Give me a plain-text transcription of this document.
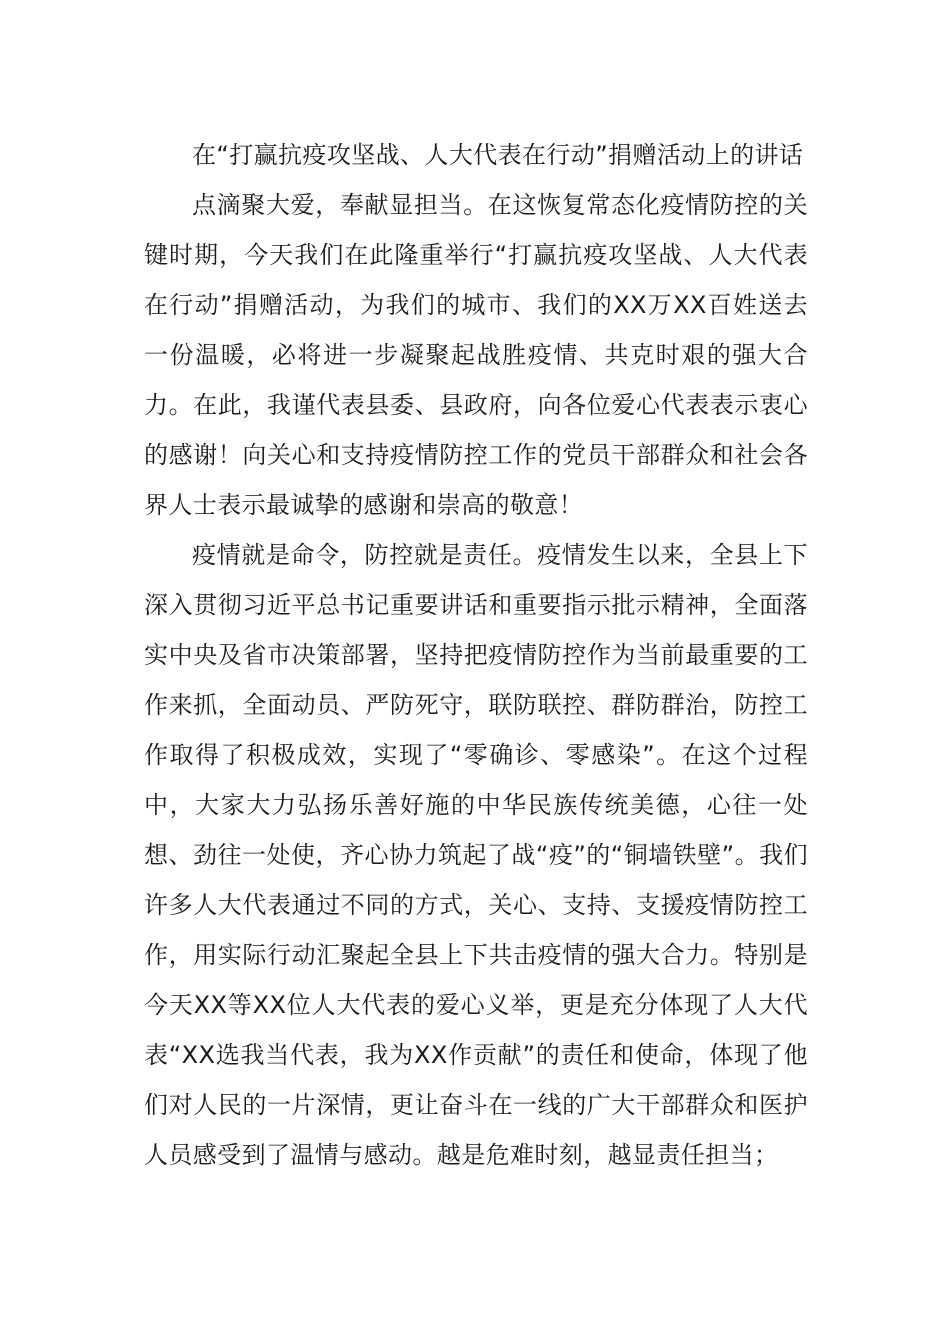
在“打赢抗疫攻坚战、人大代表在行动”捐赠活动上的讲话

点滴聚大爱，奉献显担当。在这恢复常态化疫情防控的关键时期，今天我们在此隆重举行“打赢抗疫攻坚战、人大代表在行动”捐赠活动，为我们的城市、我们的XX万XX百姓送去一份温暖，必将进一步凝聚起战胜疫情、共克时艰的强大合力。在此，我谨代表县委、县政府，向各位爱心代表表示衷心的感谢！向关心和支持疫情防控工作的党员干部群众和社会各界人士表示最诚挚的感谢和崇高的敬意！

疫情就是命令，防控就是责任。疫情发生以来，全县上下深入贯彻习近平总书记重要讲话和重要指示批示精神，全面落实中央及省市决策部署，坚持把疫情防控作为当前最重要的工作来抓，全面动员、严防死守，联防联控、群防群治，防控工作取得了积极成效，实现了“零确诊、零感染”。在这个过程中，大家大力弘扬乐善好施的中华民族传统美德，心往一处想、劲往一处使，齐心协力筑起了战“疫”的“铜墙铁壁”。我们许多人大代表通过不同的方式，关心、支持、支援疫情防控工作，用实际行动汇聚起全县上下共击疫情的强大合力。特别是今天XX等XX位人大代表的爱心义举，更是充分体现了人大代表“XX选我当代表，我为XX作贡献”的责任和使命，体现了他们对人民的一片深情，更让奋斗在一线的广大干部群众和医护人员感受到了温情与感动。越是危难时刻，越显责任担当；
